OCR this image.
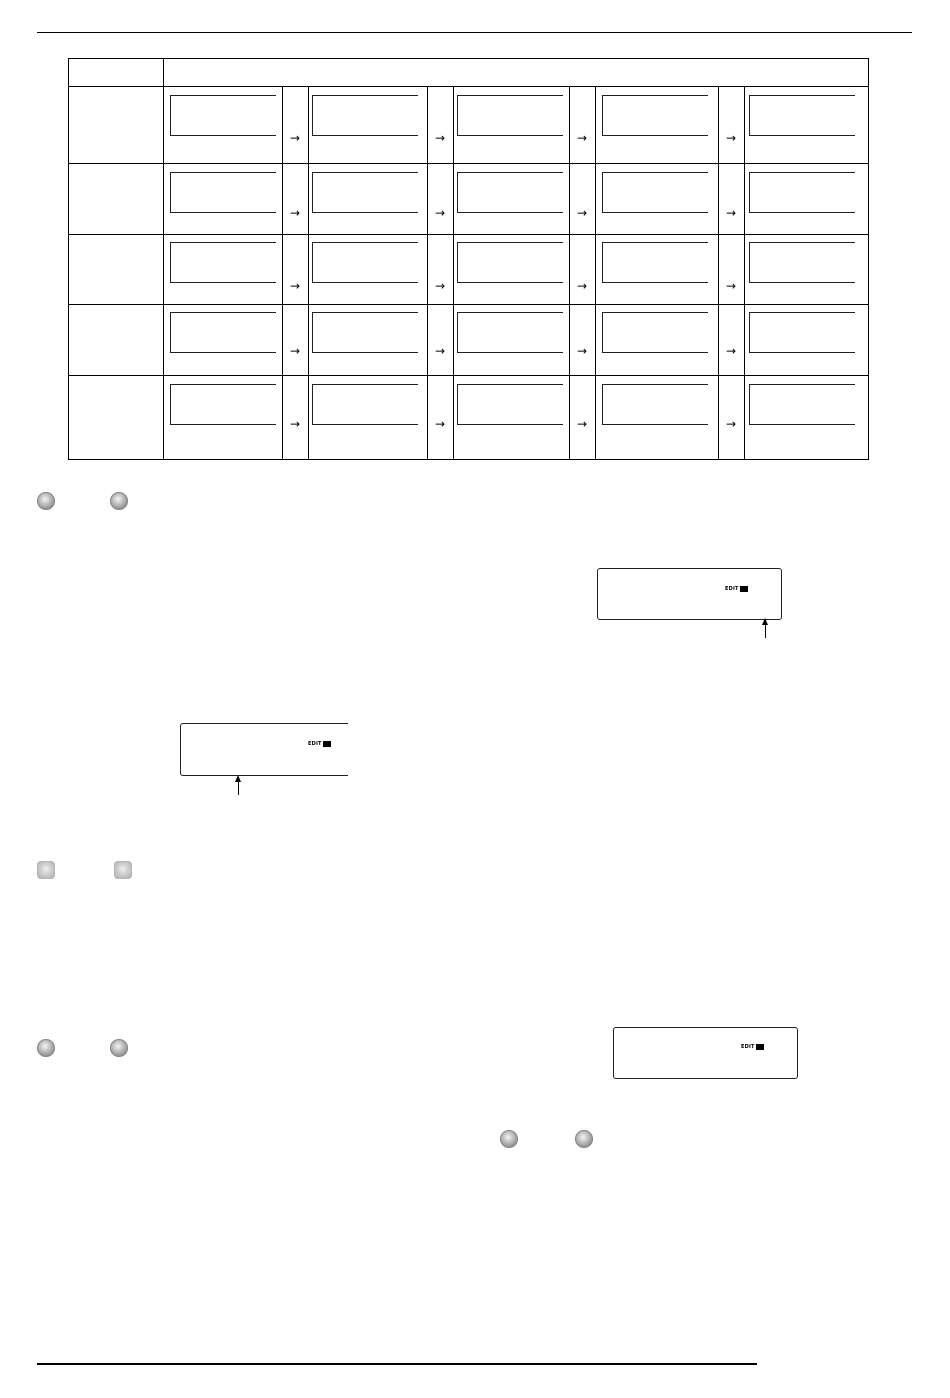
→	→	→	→
→	→	→	→
→	→	→	→
→	→	→	→
→	→	→	→
EDIT
EDIT
EDIT
